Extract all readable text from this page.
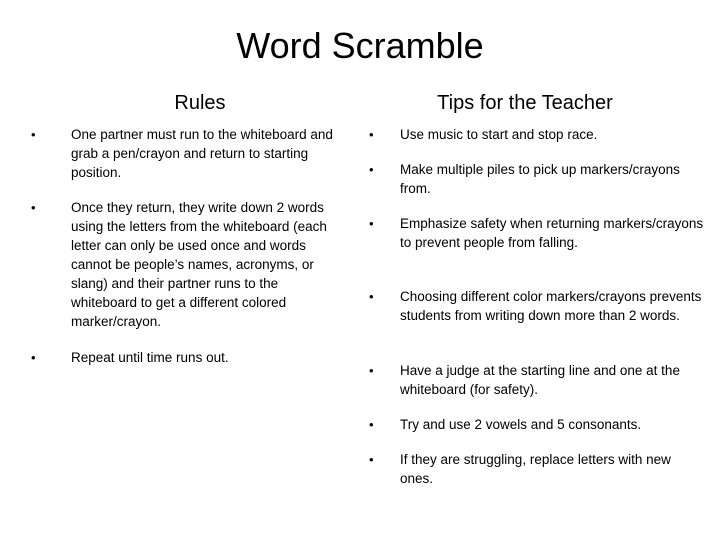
Word Scramble
Rules	Tips for the Teacher
•	One partner must run to the whiteboard and grab a pen/crayon and return to starting position.
•	Once they return, they write down 2 words using the letters from the whiteboard (each letter can only be used once and words cannot be people’s names, acronyms, or slang) and their partner runs to the whiteboard to get a different colored marker/crayon.
•	Repeat until time runs out.
•	Use music to start and stop race.
•	Make multiple piles to pick up markers/crayons from.
•	Emphasize safety when returning markers/crayons to prevent people from falling.
•	Choosing different color markers/crayons prevents students from writing down more than 2 words.
•	Have a judge at the starting line and one at the whiteboard (for safety).
•	Try and use 2 vowels and 5 consonants.
•	If they are struggling, replace letters with new ones.
